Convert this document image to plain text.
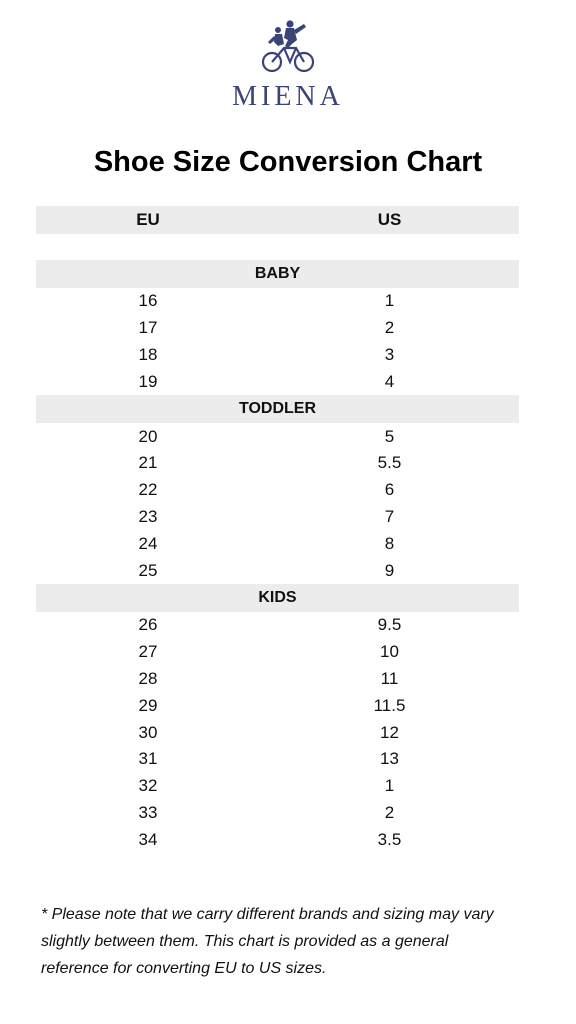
MIENA
Shoe Size Conversion Chart
EU	US
BABY
16	1
17	2
18	3
19	4
TODDLER
20	5
21	5.5
22	6
23	7
24	8
25	9
KIDS
26	9.5
27	10
28	11
29	11.5
30	12
31	13
32	1
33	2
34	3.5
* Please note that we carry different brands and sizing may vary
slightly between them. This chart is provided as a general
reference for converting EU to US sizes.
